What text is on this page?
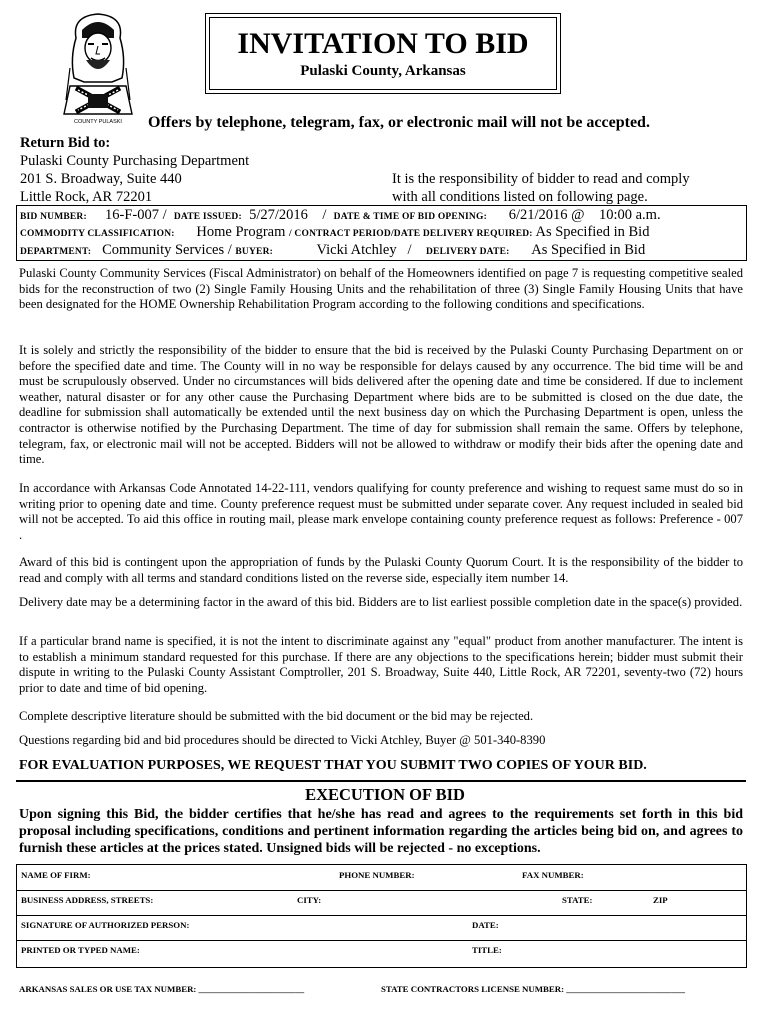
COUNTY PULASKI
INVITATION TO BID
Pulaski County, Arkansas
Offers by telephone, telegram, fax, or electronic mail will not be accepted.
Return Bid to:
Pulaski County Purchasing Department
201 S. Broadway, Suite 440
Little Rock, AR 72201
It is the responsibility of bidder to read and comply
with all conditions listed on following page.
BID NUMBER: 16-F-007 / DATE ISSUED: 5/27/2016 / DATE & TIME OF BID OPENING: 6/21/2016 @    10:00 a.m.
COMMODITY CLASSIFICATION: Home Program / CONTRACT PERIOD/DATE DELIVERY REQUIRED: As Specified in Bid
DEPARTMENT: Community Services / BUYER:	Vicki Atchley   / DELIVERY DATE: As Specified in Bid
Pulaski County Community Services (Fiscal Administrator) on behalf of the Homeowners identified on page 7 is requesting competitive sealed bids for the reconstruction of two (2) Single Family Housing Units and the rehabilitation of three (3) Single Family Housing Units that have been designated for the HOME Ownership Rehabilitation Program according to the following conditions and specifications.
It is solely and strictly the responsibility of the bidder to ensure that the bid is received by the Pulaski County Purchasing Department on or before the specified date and time. The County will in no way be responsible for delays caused by any occurrence. The bid time will be and must be scrupulously observed. Under no circumstances will bids delivered after the opening date and time be considered. If due to inclement weather, natural disaster or for any other cause the Purchasing Department where bids are to be submitted is closed on the due date, the deadline for submission shall automatically be extended until the next business day on which the Purchasing Department is open, unless the contractor is otherwise notified by the Purchasing Department. The time of day for submission shall remain the same. Offers by telephone, telegram, fax, or electronic mail will not be accepted. Bidders will not be allowed to withdraw or modify their bids after the opening date and time.
In accordance with Arkansas Code Annotated 14-22-111, vendors qualifying for county preference and wishing to request same must do so in writing prior to opening date and time. County preference request must be submitted under separate cover. Any request included in sealed bid will not be accepted. To aid this office in routing mail, please mark envelope containing county preference request as follows: Preference - 007 .
Award of this bid is contingent upon the appropriation of funds by the Pulaski County Quorum Court. It is the responsibility of the bidder to read and comply with all terms and standard conditions listed on the reverse side, especially item number 14.
Delivery date may be a determining factor in the award of this bid. Bidders are to list earliest possible completion date in the space(s) provided.
If a particular brand name is specified, it is not the intent to discriminate against any "equal" product from another manufacturer. The intent is to establish a minimum standard requested for this purchase. If there are any objections to the specifications herein; bidder must submit their dispute in writing to the Pulaski County Assistant Comptroller, 201 S. Broadway, Suite 440, Little Rock, AR 72201, seventy-two (72) hours prior to date and time of bid opening.
Complete descriptive literature should be submitted with the bid document or the bid may be rejected.
Questions regarding bid and bid procedures should be directed to Vicki Atchley, Buyer @ 501-340-8390
FOR EVALUATION PURPOSES, WE REQUEST THAT YOU SUBMIT TWO COPIES OF YOUR BID.
EXECUTION OF BID
Upon signing this Bid, the bidder certifies that he/she has read and agrees to the requirements set forth in this bid proposal including specifications, conditions and pertinent information regarding the articles being bid on, and agrees to furnish these articles at the prices stated. Unsigned bids will be rejected - no exceptions.
NAME OF FIRM:	PHONE NUMBER:	FAX NUMBER:
BUSINESS ADDRESS, STREETS:	CITY:	STATE:	ZIP
SIGNATURE OF AUTHORIZED PERSON:	DATE:
PRINTED OR TYPED NAME:	TITLE:
ARKANSAS SALES OR USE TAX NUMBER: ________________________	STATE CONTRACTORS LICENSE NUMBER: ___________________________
